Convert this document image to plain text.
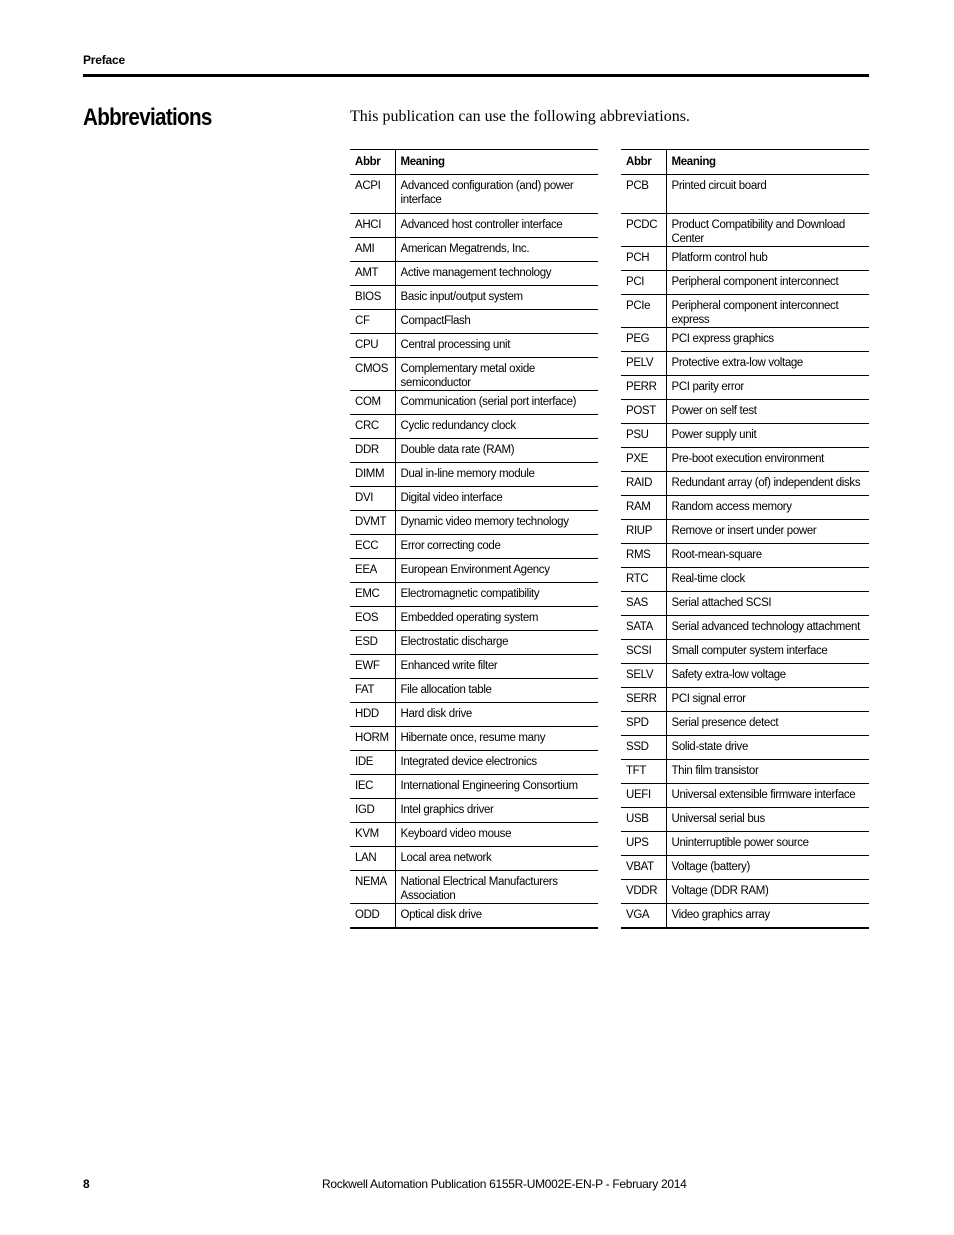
Preface
Abbreviations	This publication can use the following abbreviations.
Abbr	Meaning
ACPI	Advanced configuration (and) power interface
AHCI	Advanced host controller interface
AMI	American Megatrends, Inc.
AMT	Active management technology
BIOS	Basic input/output system
CF	CompactFlash
CPU	Central processing unit
CMOS	Complementary metal oxide semiconductor
COM	Communication (serial port interface)
CRC	Cyclic redundancy clock
DDR	Double data rate (RAM)
DIMM	Dual in-line memory module
DVI	Digital video interface
DVMT	Dynamic video memory technology
ECC	Error correcting code
EEA	European Environment Agency
EMC	Electromagnetic compatibility
EOS	Embedded operating system
ESD	Electrostatic discharge
EWF	Enhanced write filter
FAT	File allocation table
HDD	Hard disk drive
HORM	Hibernate once, resume many
IDE	Integrated device electronics
IEC	International Engineering Consortium
IGD	Intel graphics driver
KVM	Keyboard video mouse
LAN	Local area network
NEMA	National Electrical Manufacturers Association
ODD	Optical disk drive
Abbr	Meaning
PCB	Printed circuit board
PCDC	Product Compatibility and Download Center
PCH	Platform control hub
PCI	Peripheral component interconnect
PCIe	Peripheral component interconnect express
PEG	PCI express graphics
PELV	Protective extra-low voltage
PERR	PCI parity error
POST	Power on self test
PSU	Power supply unit
PXE	Pre-boot execution environment
RAID	Redundant array (of) independent disks
RAM	Random access memory
RIUP	Remove or insert under power
RMS	Root-mean-square
RTC	Real-time clock
SAS	Serial attached SCSI
SATA	Serial advanced technology attachment
SCSI	Small computer system interface
SELV	Safety extra-low voltage
SERR	PCI signal error
SPD	Serial presence detect
SSD	Solid-state drive
TFT	Thin film transistor
UEFI	Universal extensible firmware interface
USB	Universal serial bus
UPS	Uninterruptible power source
VBAT	Voltage (battery)
VDDR	Voltage (DDR RAM)
VGA	Video graphics array
8	Rockwell Automation Publication 6155R-UM002E-EN-P - February 2014
